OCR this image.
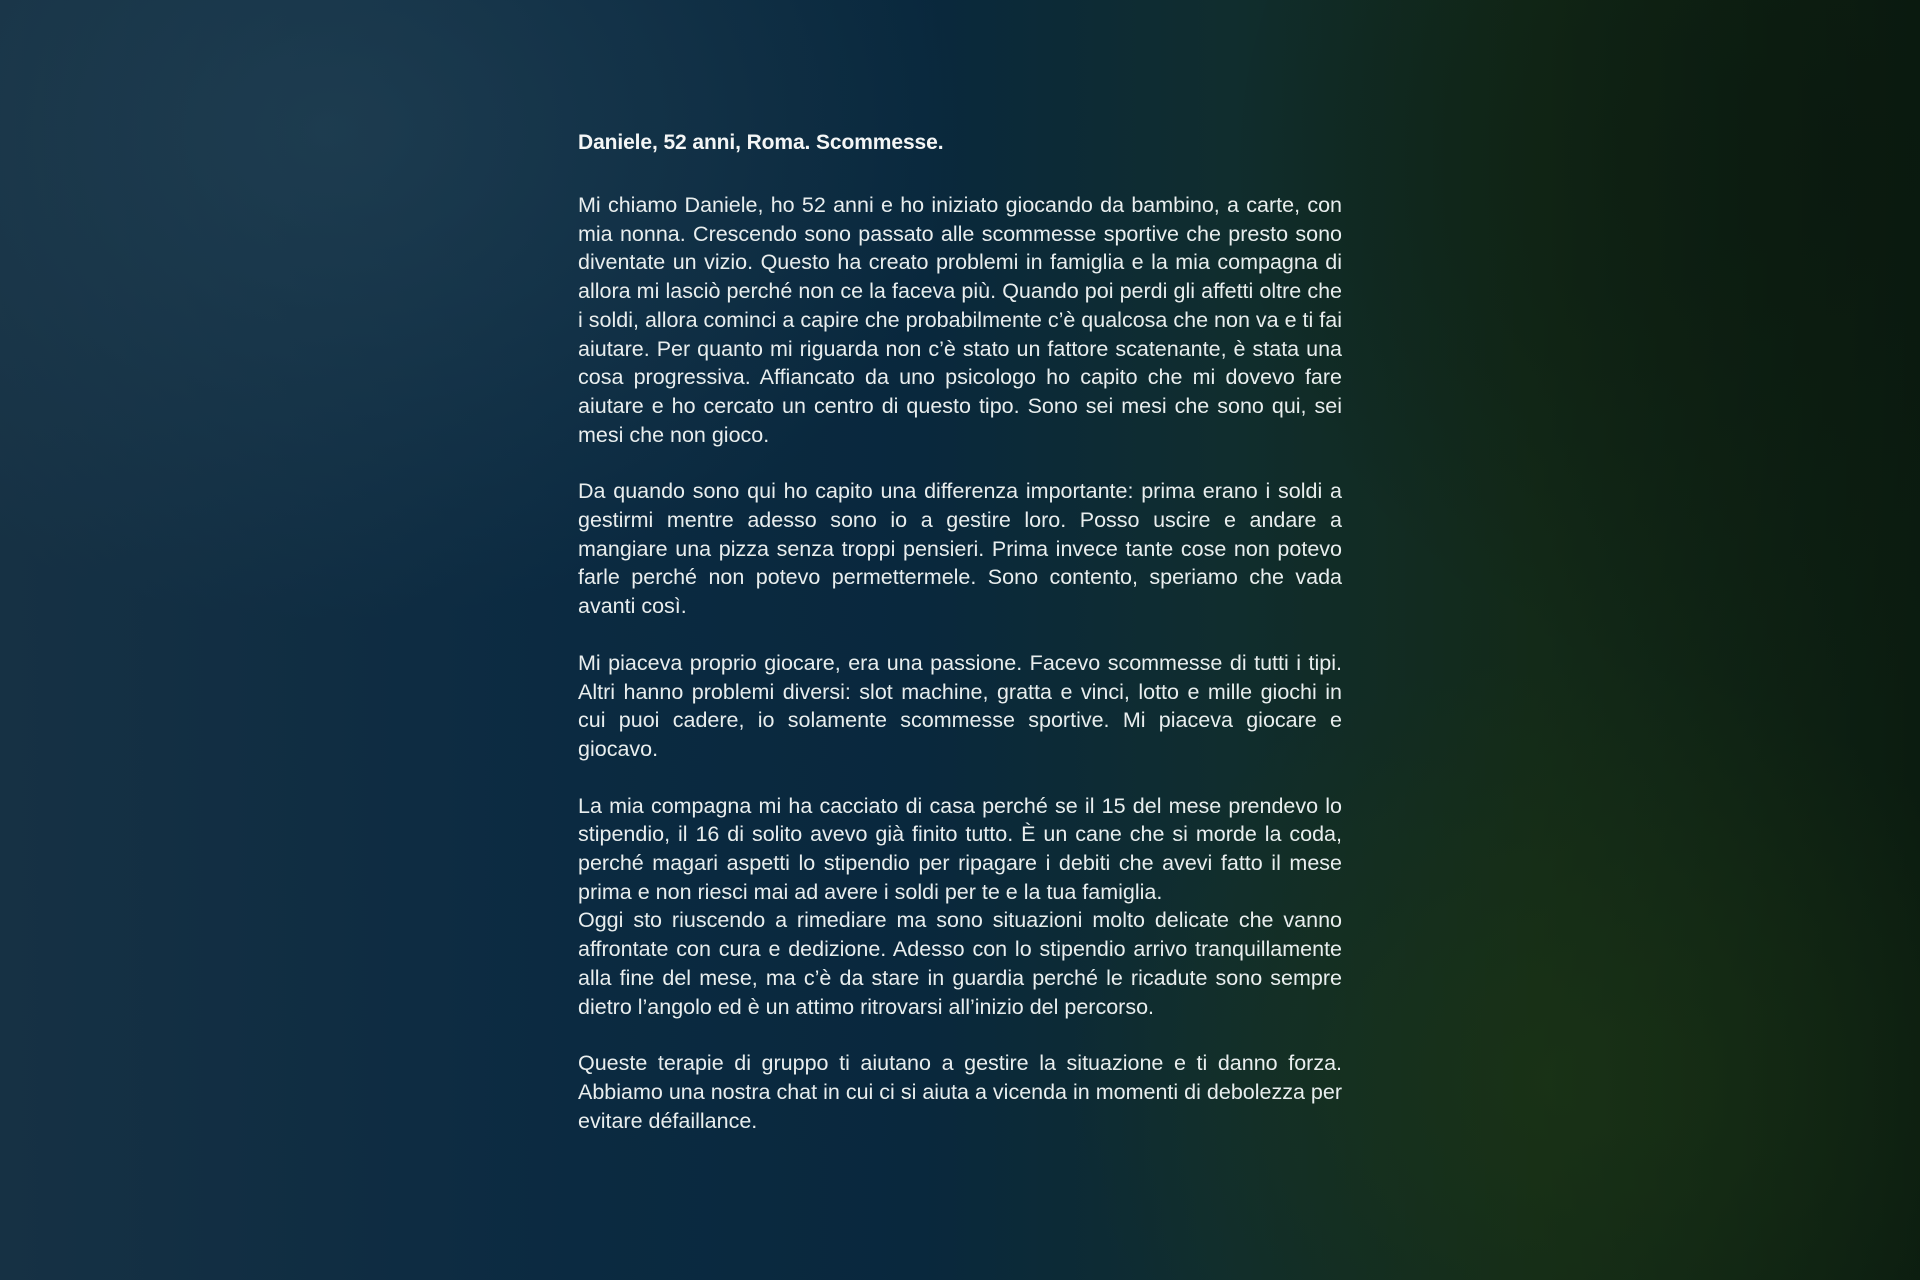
Daniele, 52 anni, Roma. Scommesse.

Mi chiamo Daniele, ho 52 anni e ho iniziato giocando da bambino, a carte, con mia nonna. Crescendo sono passato alle scommesse sportive che presto sono diventate un vizio. Questo ha creato problemi in famiglia e la mia compagna di allora mi lasciò perché non ce la faceva più. Quando poi perdi gli affetti oltre che i soldi, allora cominci a capire che probabilmente c’è qualcosa che non va e ti fai aiutare. Per quanto mi riguarda non c’è stato un fattore scatenante, è stata una cosa progressiva. Affiancato da uno psicologo ho capito che mi dovevo fare aiutare e ho cercato un centro di questo tipo. Sono sei mesi che sono qui, sei mesi che non gioco.

Da quando sono qui ho capito una differenza importante: prima erano i soldi a gestirmi mentre adesso sono io a gestire loro. Posso uscire e andare a mangiare una pizza senza troppi pensieri. Prima invece tante cose non potevo farle perché non potevo permettermele. Sono contento, speriamo che vada avanti così.

Mi piaceva proprio giocare, era una passione. Facevo scommesse di tutti i tipi. Altri hanno problemi diversi: slot machine, gratta e vinci, lotto e mille giochi in cui puoi cadere, io solamente scommesse sportive. Mi piaceva giocare e giocavo.

La mia compagna mi ha cacciato di casa perché se il 15 del mese prendevo lo stipendio, il 16 di solito avevo già finito tutto. È un cane che si morde la coda, perché magari aspetti lo stipendio per ripagare i debiti che avevi fatto il mese prima e non riesci mai ad avere i soldi per te e la tua famiglia.

Oggi sto riuscendo a rimediare ma sono situazioni molto delicate che vanno affrontate con cura e dedizione. Adesso con lo stipendio arrivo tranquillamente alla fine del mese, ma c’è da stare in guardia perché le ricadute sono sempre dietro l’angolo ed è un attimo ritrovarsi all’inizio del percorso.

Queste terapie di gruppo ti aiutano a gestire la situazione e ti danno forza. Abbiamo una nostra chat in cui ci si aiuta a vicenda in momenti di debolezza per evitare défaillance.
